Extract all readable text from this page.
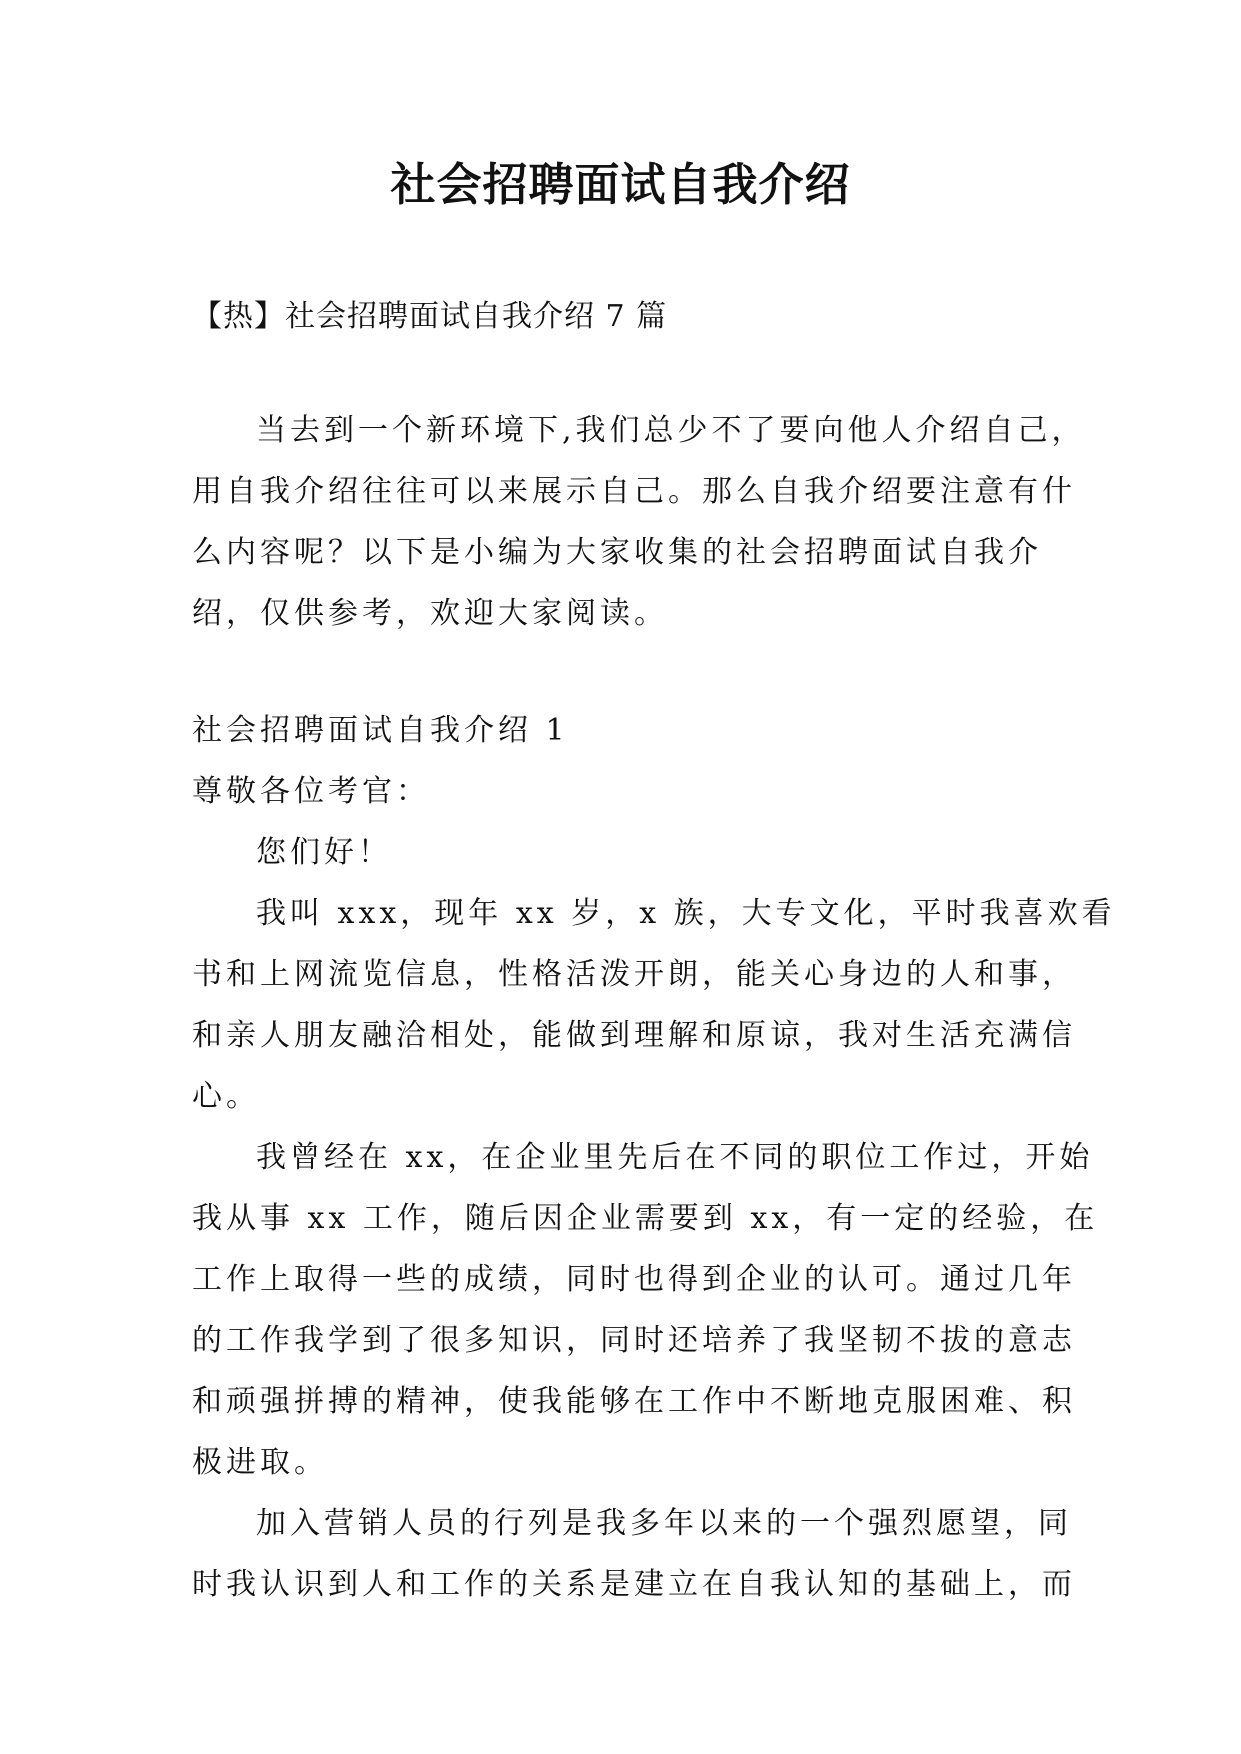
社会招聘面试自我介绍
【热】社会招聘面试自我介绍 7 篇
当去到一个新环境下,我们总少不了要向他人介绍自己，
用自我介绍往往可以来展示自己。那么自我介绍要注意有什
么内容呢？以下是小编为大家收集的社会招聘面试自我介
绍，仅供参考，欢迎大家阅读。
社会招聘面试自我介绍 1
尊敬各位考官：
您们好！
我叫 xxx，现年 xx 岁，x 族，大专文化，平时我喜欢看
书和上网流览信息，性格活泼开朗，能关心身边的人和事，
和亲人朋友融洽相处，能做到理解和原谅，我对生活充满信
心。
我曾经在 xx，在企业里先后在不同的职位工作过，开始
我从事 xx 工作，随后因企业需要到 xx，有一定的经验，在
工作上取得一些的成绩，同时也得到企业的认可。通过几年
的工作我学到了很多知识，同时还培养了我坚韧不拔的意志
和顽强拼搏的精神，使我能够在工作中不断地克服困难、积
极进取。
加入营销人员的行列是我多年以来的一个强烈愿望，同
时我认识到人和工作的关系是建立在自我认知的基础上，而
